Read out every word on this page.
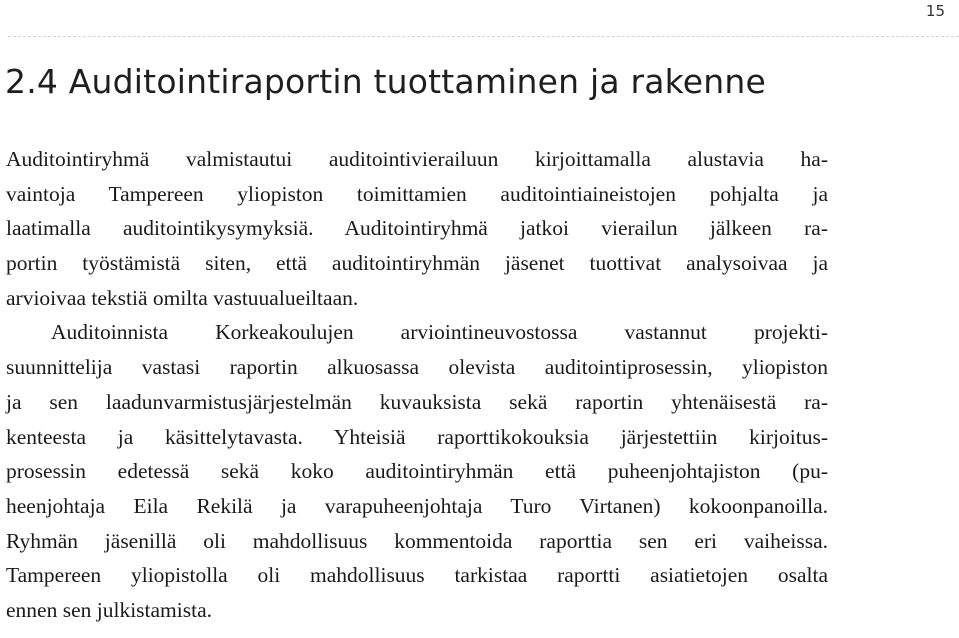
15
2.4 Auditointiraportin tuottaminen ja rakenne
Auditointiryhmä valmistautui auditointivierailuun kirjoittamalla alustavia ha-
vaintoja Tampereen yliopiston toimittamien auditointiaineistojen pohjalta ja
laatimalla auditointikysymyksiä. Auditointiryhmä jatkoi vierailun jälkeen ra-
portin työstämistä siten, että auditointiryhmän jäsenet tuottivat analysoivaa ja
arvioivaa tekstiä omilta vastuualueiltaan.
Auditoinnista Korkeakoulujen arviointineuvostossa vastannut projekti-
suunnittelija vastasi raportin alkuosassa olevista auditointiprosessin, yliopiston
ja sen laadunvarmistusjärjestelmän kuvauksista sekä raportin yhtenäisestä ra-
kenteesta ja käsittelytavasta. Yhteisiä raporttikokouksia järjestettiin kirjoitus-
prosessin edetessä sekä koko auditointiryhmän että puheenjohtajiston (pu-
heenjohtaja Eila Rekilä ja varapuheenjohtaja Turo Virtanen) kokoonpanoilla.
Ryhmän jäsenillä oli mahdollisuus kommentoida raporttia sen eri vaiheissa.
Tampereen yliopistolla oli mahdollisuus tarkistaa raportti asiatietojen osalta
ennen sen julkistamista.
